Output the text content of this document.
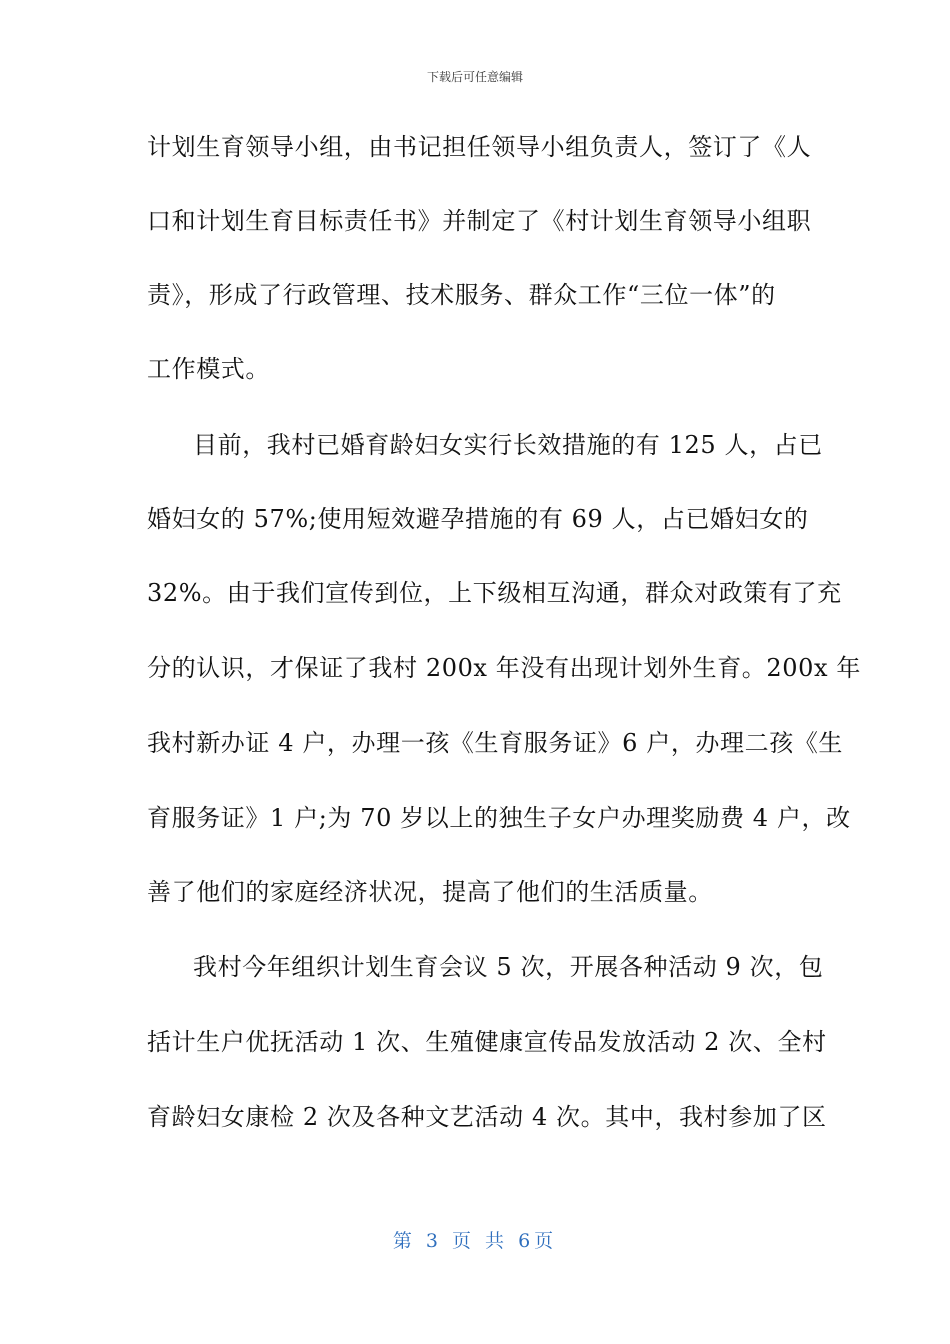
下载后可任意编辑
计划生育领导小组，由书记担任领导小组负责人，签订了《人
口和计划生育目标责任书》并制定了《村计划生育领导小组职
责》，形成了行政管理、技术服务、群众工作“三位一体”的
工作模式。
目前，我村已婚育龄妇女实行长效措施的有 125 人，占已
婚妇女的 57%;使用短效避孕措施的有 69 人，占已婚妇女的
32%。由于我们宣传到位，上下级相互沟通，群众对政策有了充
分的认识，才保证了我村 200x 年没有出现计划外生育。200x 年
我村新办证 4 户，办理一孩《生育服务证》6 户，办理二孩《生
育服务证》1 户;为 70 岁以上的独生子女户办理奖励费 4 户，改
善了他们的家庭经济状况，提高了他们的生活质量。
我村今年组织计划生育会议 5 次，开展各种活动 9 次，包
括计生户优抚活动 1 次、生殖健康宣传品发放活动 2 次、全村
育龄妇女康检 2 次及各种文艺活动 4 次。其中，我村参加了区
第 3 页 共 6页
